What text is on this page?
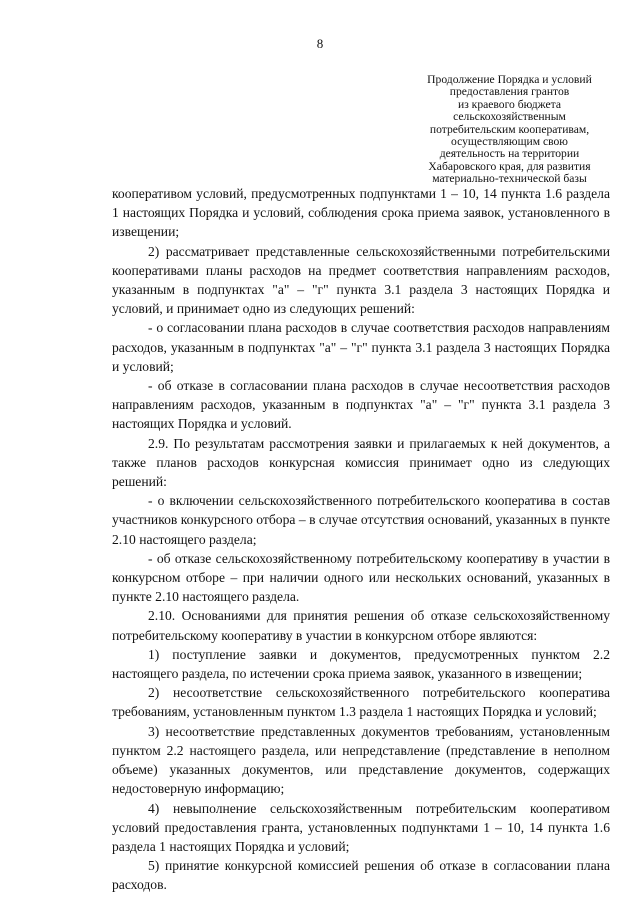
8
Продолжение Порядка и условий
предоставления грантов
из краевого бюджета
сельскохозяйственным
потребительским кооперативам,
осуществляющим свою
деятельность на территории
Хабаровского края, для развития
материально-технической базы

кооперативом условий, предусмотренных подпунктами 1 – 10, 14 пункта 1.6 раздела 1 настоящих Порядка и условий, соблюдения срока приема заявок, установленного в извещении;

2) рассматривает представленные сельскохозяйственными потребительскими кооперативами планы расходов на предмет соответствия направлениям расходов, указанным в подпунктах "а" – "г" пункта 3.1 раздела 3 настоящих Порядка и условий, и принимает одно из следующих решений:

- о согласовании плана расходов в случае соответствия расходов направлениям расходов, указанным в подпунктах "а" – "г" пункта 3.1 раздела 3 настоящих Порядка и условий;

- об отказе в согласовании плана расходов в случае несоответствия расходов направлениям расходов, указанным в подпунктах "а" – "г" пункта 3.1 раздела 3 настоящих Порядка и условий.

2.9. По результатам рассмотрения заявки и прилагаемых к ней документов, а также планов расходов конкурсная комиссия принимает одно из следующих решений:

- о включении сельскохозяйственного потребительского кооператива в состав участников конкурсного отбора – в случае отсутствия оснований, указанных в пункте 2.10 настоящего раздела;

- об отказе сельскохозяйственному потребительскому кооперативу в участии в конкурсном отборе – при наличии одного или нескольких оснований, указанных в пункте 2.10 настоящего раздела.

2.10. Основаниями для принятия решения об отказе сельскохозяйственному потребительскому кооперативу в участии в конкурсном отборе являются:

1) поступление заявки и документов, предусмотренных пунктом 2.2 настоящего раздела, по истечении срока приема заявок, указанного в извещении;

2) несоответствие сельскохозяйственного потребительского кооператива требованиям, установленным пунктом 1.3 раздела 1 настоящих Порядка и условий;

3) несоответствие представленных документов требованиям, установленным пунктом 2.2 настоящего раздела, или непредставление (представление в неполном объеме) указанных документов, или представление документов, содержащих недостоверную информацию;

4) невыполнение сельскохозяйственным потребительским кооперативом условий предоставления гранта, установленных подпунктами 1 – 10, 14 пункта 1.6 раздела 1 настоящих Порядка и условий;

5) принятие конкурсной комиссией решения об отказе в согласовании плана расходов.
